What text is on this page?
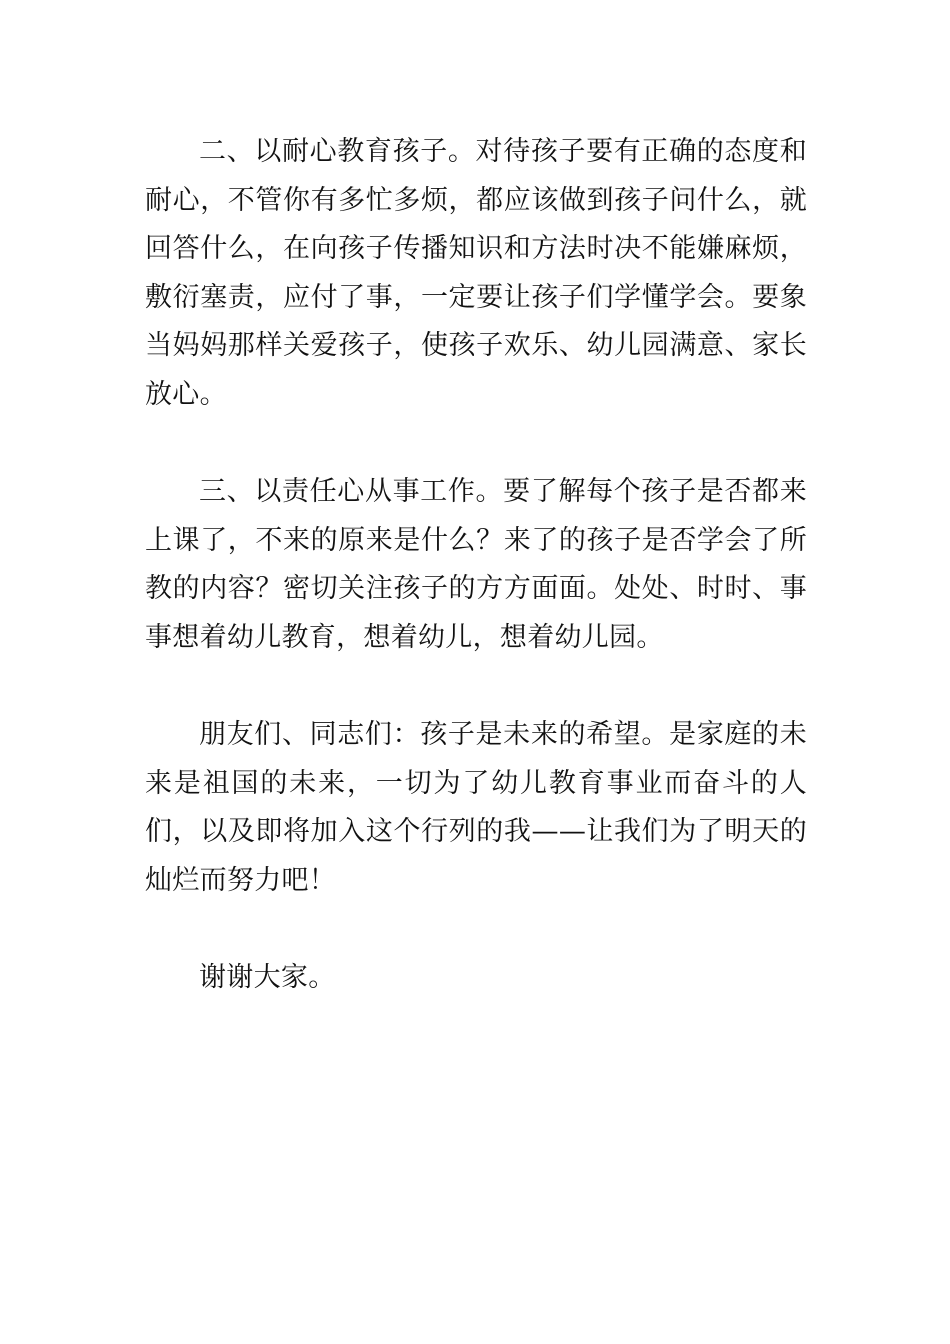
二、以耐心教育孩子。对待孩子要有正确的态度和耐心，不管你有多忙多烦，都应该做到孩子问什么，就回答什么，在向孩子传播知识和方法时决不能嫌麻烦，敷衍塞责，应付了事，一定要让孩子们学懂学会。要象当妈妈那样关爱孩子，使孩子欢乐、幼儿园满意、家长放心。

三、以责任心从事工作。要了解每个孩子是否都来上课了，不来的原来是什么？来了的孩子是否学会了所教的内容？密切关注孩子的方方面面。处处、时时、事事想着幼儿教育，想着幼儿，想着幼儿园。

朋友们、同志们：孩子是未来的希望。是家庭的未来是祖国的未来，一切为了幼儿教育事业而奋斗的人们，以及即将加入这个行列的我——让我们为了明天的灿烂而努力吧！

谢谢大家。
